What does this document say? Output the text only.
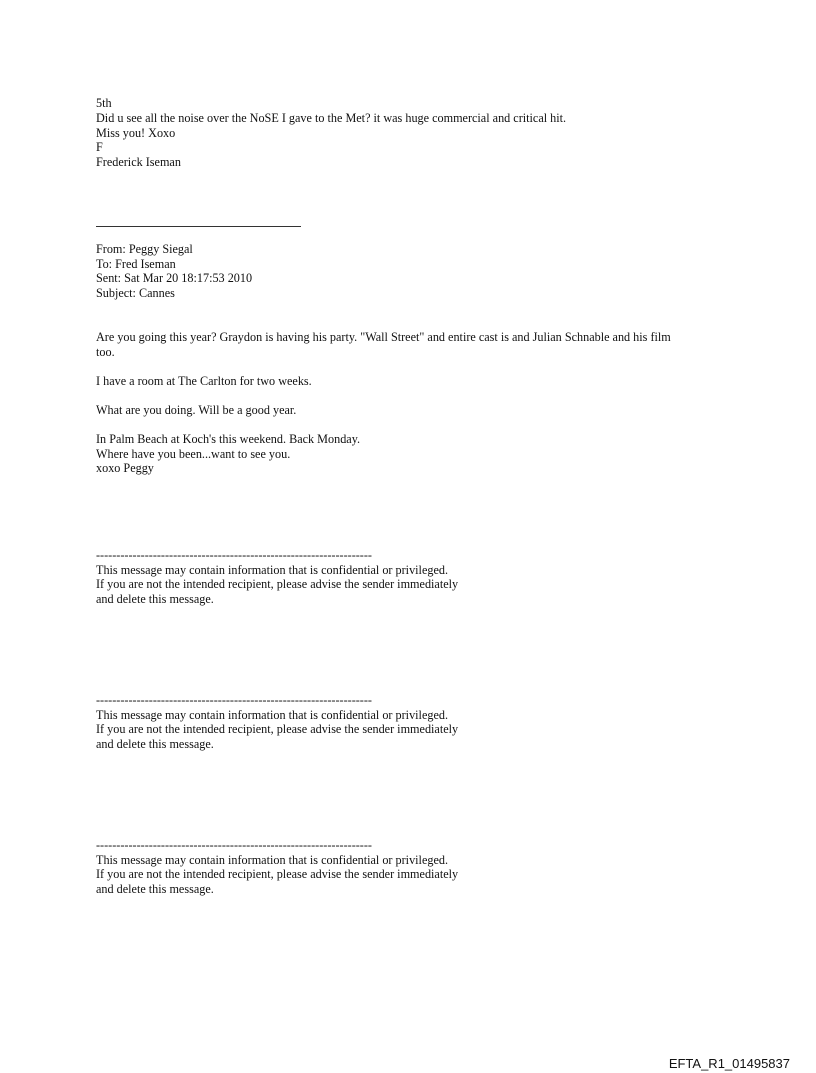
5th

Did u see all the noise over the NoSE I gave to the Met? it was huge commercial and critical hit.

Miss you! Xoxo

F

Frederick Iseman

From: Peggy Siegal

To: Fred Iseman

Sent: Sat Mar 20 18:17:53 2010

Subject: Cannes

Are you going this year? Graydon is having his party. "Wall Street" and entire cast is and Julian Schnable and his film

too.

I have a room at The Carlton for two weeks.

What are you doing. Will be a good year.

In Palm Beach at Koch's this weekend. Back Monday.

Where have you been...want to see you.

xoxo Peggy

--------------------------------------------------------------------

This message may contain information that is confidential or privileged.

If you are not the intended recipient, please advise the sender immediately

and delete this message.

--------------------------------------------------------------------

This message may contain information that is confidential or privileged.

If you are not the intended recipient, please advise the sender immediately

and delete this message.

--------------------------------------------------------------------

This message may contain information that is confidential or privileged.

If you are not the intended recipient, please advise the sender immediately

and delete this message.

EFTA_R1_01495837
